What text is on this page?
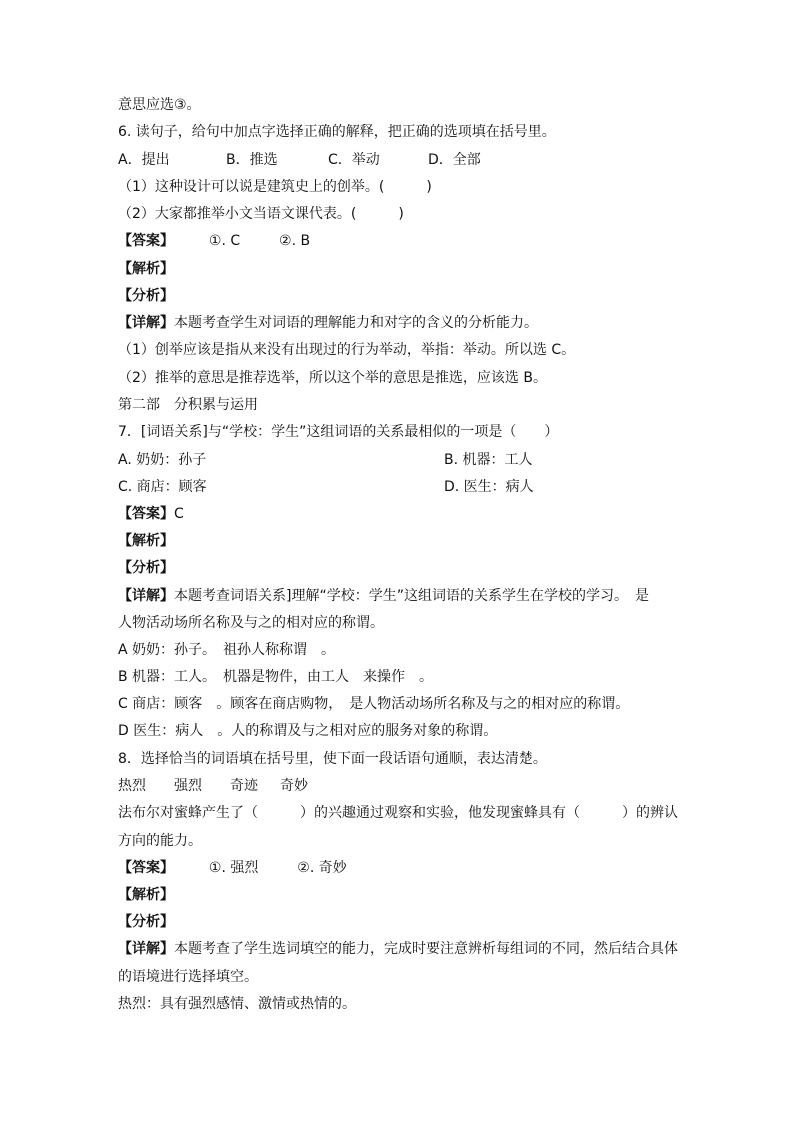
意思应选③。
6. 读句子，给句中加点字选择正确的解释，把正确的选项填在括号里。
A．提出	B．推选	C．举动	D．全部
（1）这种设计可以说是建筑史上的创举。(　　　)
（2）大家都推举小文当语文课代表。(　　　)
【答案】 ①. C	②. B
【解析】
【分析】
【详解】本题考查学生对词语的理解能力和对字的含义的分析能力。
（1）创举应该是指从来没有出现过的行为举动，举指：举动。所以选 C。
（2）推举的意思是推荐选举，所以这个举的意思是推选，应该选 B。
第二部　分积累与运用
7．[词语关系]与“学校：学生”这组词语的关系最相似的一项是（　　）
A. 奶奶：孙子	B. 机器：工人
C. 商店：顾客	D. 医生：病人
【答案】C
【解析】
【分析】
【详解】本题考查词语关系]理解“学校：学生”这组词语的关系学生在学校的学习。　是
人物活动场所名称及与之的相对应的称谓。
A 奶奶：孙子。　祖孙人称称谓　。
B 机器：工人。　机器是物件，由工人　来操作　。
C 商店：顾客　。顾客在商店购物，　是人物活动场所名称及与之的相对应的称谓。
D 医生：病人　。人的称谓及与之相对应的服务对象的称谓。
8．选择恰当的词语填在括号里，使下面一段话语句通顺，表达清楚。
热烈 强烈 奇迹 奇妙
法布尔对蜜蜂产生了（　　　）的兴趣通过观察和实验，他发现蜜蜂具有（　　　）的辨认
方向的能力。
【答案】 ①. 强烈	②. 奇妙
【解析】
【分析】
【详解】本题考查了学生选词填空的能力，完成时要注意辨析每组词的不同，然后结合具体
的语境进行选择填空。
热烈：具有强烈感情、激情或热情的。
